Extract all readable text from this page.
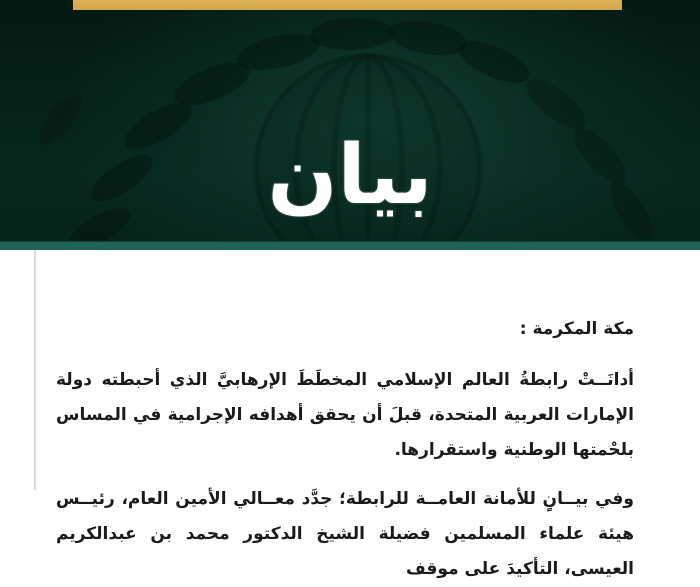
بيان
مكة المكرمة :

أدانَــتْ رابطةُ العالم الإسلامي المخطَطَ الإرهابيَّ الذي أحبطته دولة الإمارات العربية المتحدة، قبلَ أن يحقق أهدافه الإجرامية في المساس بلحْمتها الوطنية واستقرارها.

وفي بيــانٍ للأمانة العامــة للرابطة؛ جدَّد معــالي الأمين العام، رئيــس هيئة علماء المسلمين فضيلة الشيخ الدكتور محمد بن عبدالكريم العيسى، التأكيدَ على موقف
